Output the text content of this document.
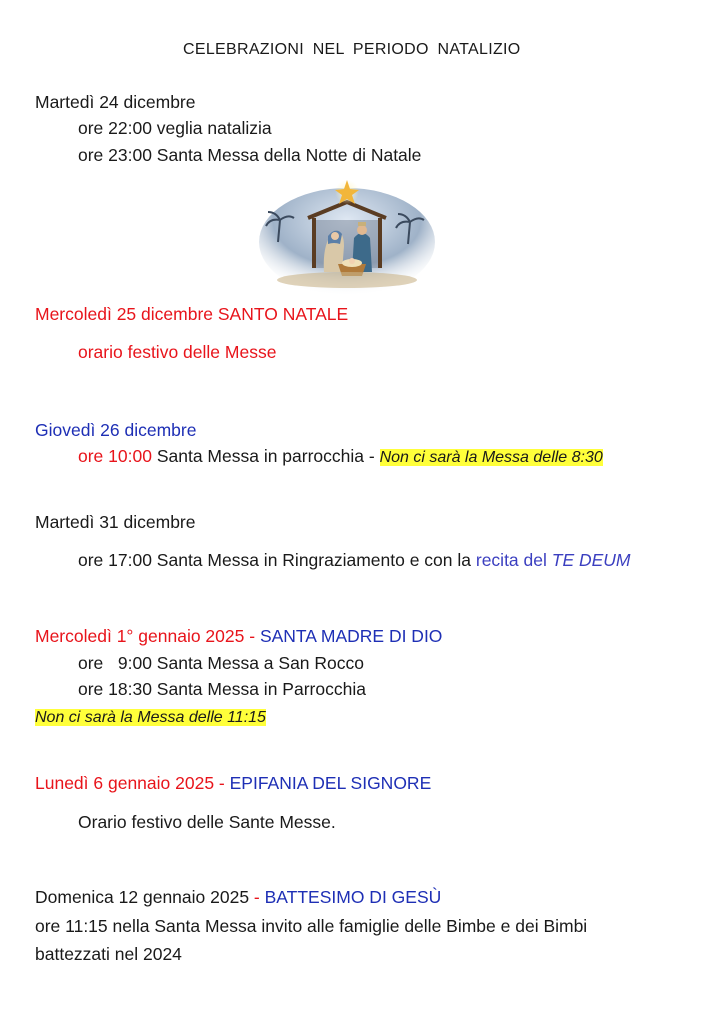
CELEBRAZIONI NEL PERIODO NATALIZIO
Martedì 24 dicembre
ore 22:00 veglia natalizia
ore 23:00 Santa Messa della Notte di Natale
Mercoledì 25 dicembre SANTO NATALE
orario festivo delle Messe
Giovedì 26 dicembre
ore 10:00 Santa Messa in parrocchia - Non ci sarà la Messa delle 8:30
Martedì 31 dicembre
ore 17:00 Santa Messa in Ringraziamento e con la recita del TE DEUM
Mercoledì 1° gennaio 2025 - SANTA MADRE DI DIO
ore   9:00 Santa Messa a San Rocco
ore 18:30 Santa Messa in Parrocchia
Non ci sarà la Messa delle 11:15
Lunedì 6 gennaio 2025 - EPIFANIA DEL SIGNORE
Orario festivo delle Sante Messe.
Domenica 12 gennaio 2025 - BATTESIMO DI GESÙ
ore 11:15 nella Santa Messa invito alle famiglie delle Bimbe e dei Bimbi
battezzati nel 2024
